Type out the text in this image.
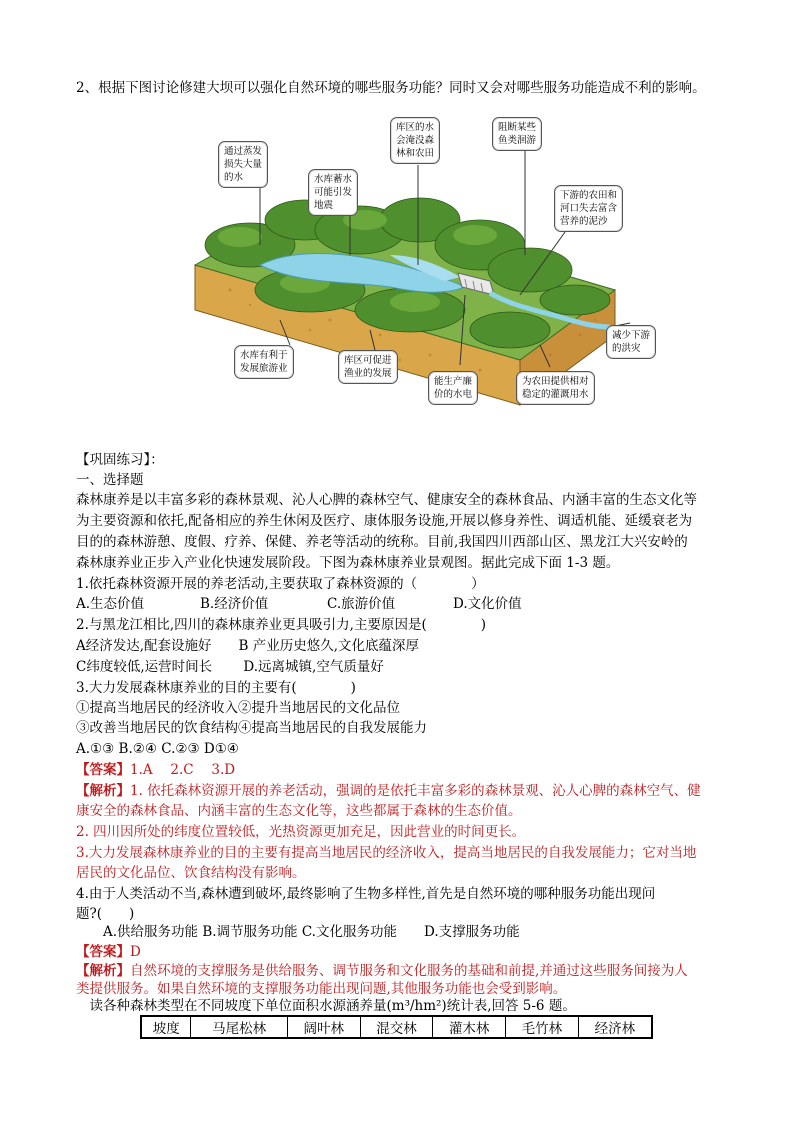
2、根据下图讨论修建大坝可以强化自然环境的哪些服务功能？同时又会对哪些服务功能造成不利的影响。
通过蒸发
损失大量
的水	水库蓄水
可能引发
地震
库区的水
会淹没森
林和农田
阻断某些
鱼类洄游
下游的农田和
河口失去富含
营养的泥沙
减少下游
的洪灾
水库有利于
发展旅游业
库区可促进
渔业的发展
能生产廉
价的水电
为农田提供相对
稳定的灌溉用水
【巩固练习】：
一、选择题
森林康养是以丰富多彩的森林景观、沁人心脾的森林空气、健康安全的森林食品、内涵丰富的生态文化等
为主要资源和依托,配备相应的养生休闲及医疗、康体服务设施,开展以修身养性、调适机能、延缓衰老为
目的的森林游憩、度假、疗养、保健、养老等活动的统称。目前,我国四川西部山区、黑龙江大兴安岭的
森林康养业正步入产业化快速发展阶段。下图为森林康养业景观图。据此完成下面 1-3 题。
1.依托森林资源开展的养老活动,主要获取了森林资源的（　　　　）
A.生态价值	B.经济价值	C.旅游价值	D.文化价值
2.与黑龙江相比,四川的森林康养业更具吸引力,主要原因是(　　　　)
A经济发达,配套设施好　　B 产业历史悠久,文化底蕴深厚
C纬度较低,运营时间长　　 D.远离城镇,空气质量好
3.大力发展森林康养业的目的主要有(　　　　)
①提高当地居民的经济收入②提升当地居民的文化品位
③改善当地居民的饮食结构④提高当地居民的自我发展能力
A.①③ B.②④ C.②③ D①④
【答案】1.A　 2.C　 3.D
【解析】1. 依托森林资源开展的养老活动，强调的是依托丰富多彩的森林景观、沁人心脾的森林空气、健
康安全的森林食品、内涵丰富的生态文化等，这些都属于森林的生态价值。
2. 四川因所处的纬度位置较低，光热资源更加充足，因此营业的时间更长。
3.大力发展森林康养业的目的主要有提高当地居民的经济收入，提高当地居民的自我发展能力；它对当地
居民的文化品位、饮食结构没有影响。
4.由于人类活动不当,森林遭到破坏,最终影响了生物多样性,首先是自然环境的哪种服务功能出现问
题?(　　)
　　A.供给服务功能 B.调节服务功能 C.文化服务功能　　D.支撑服务功能
【答案】D
【解析】自然环境的支撑服务是供给服务、调节服务和文化服务的基础和前提,并通过这些服务间接为人
类提供服务。如果自然环境的支撑服务功能出现问题,其他服务功能也会受到影响。
　读各种森林类型在不同坡度下单位面积水源涵养量(m³/hm²)统计表,回答 5-6 题。
坡度	马尾松林	阔叶林	混交林	灌木林	毛竹林	经济林
